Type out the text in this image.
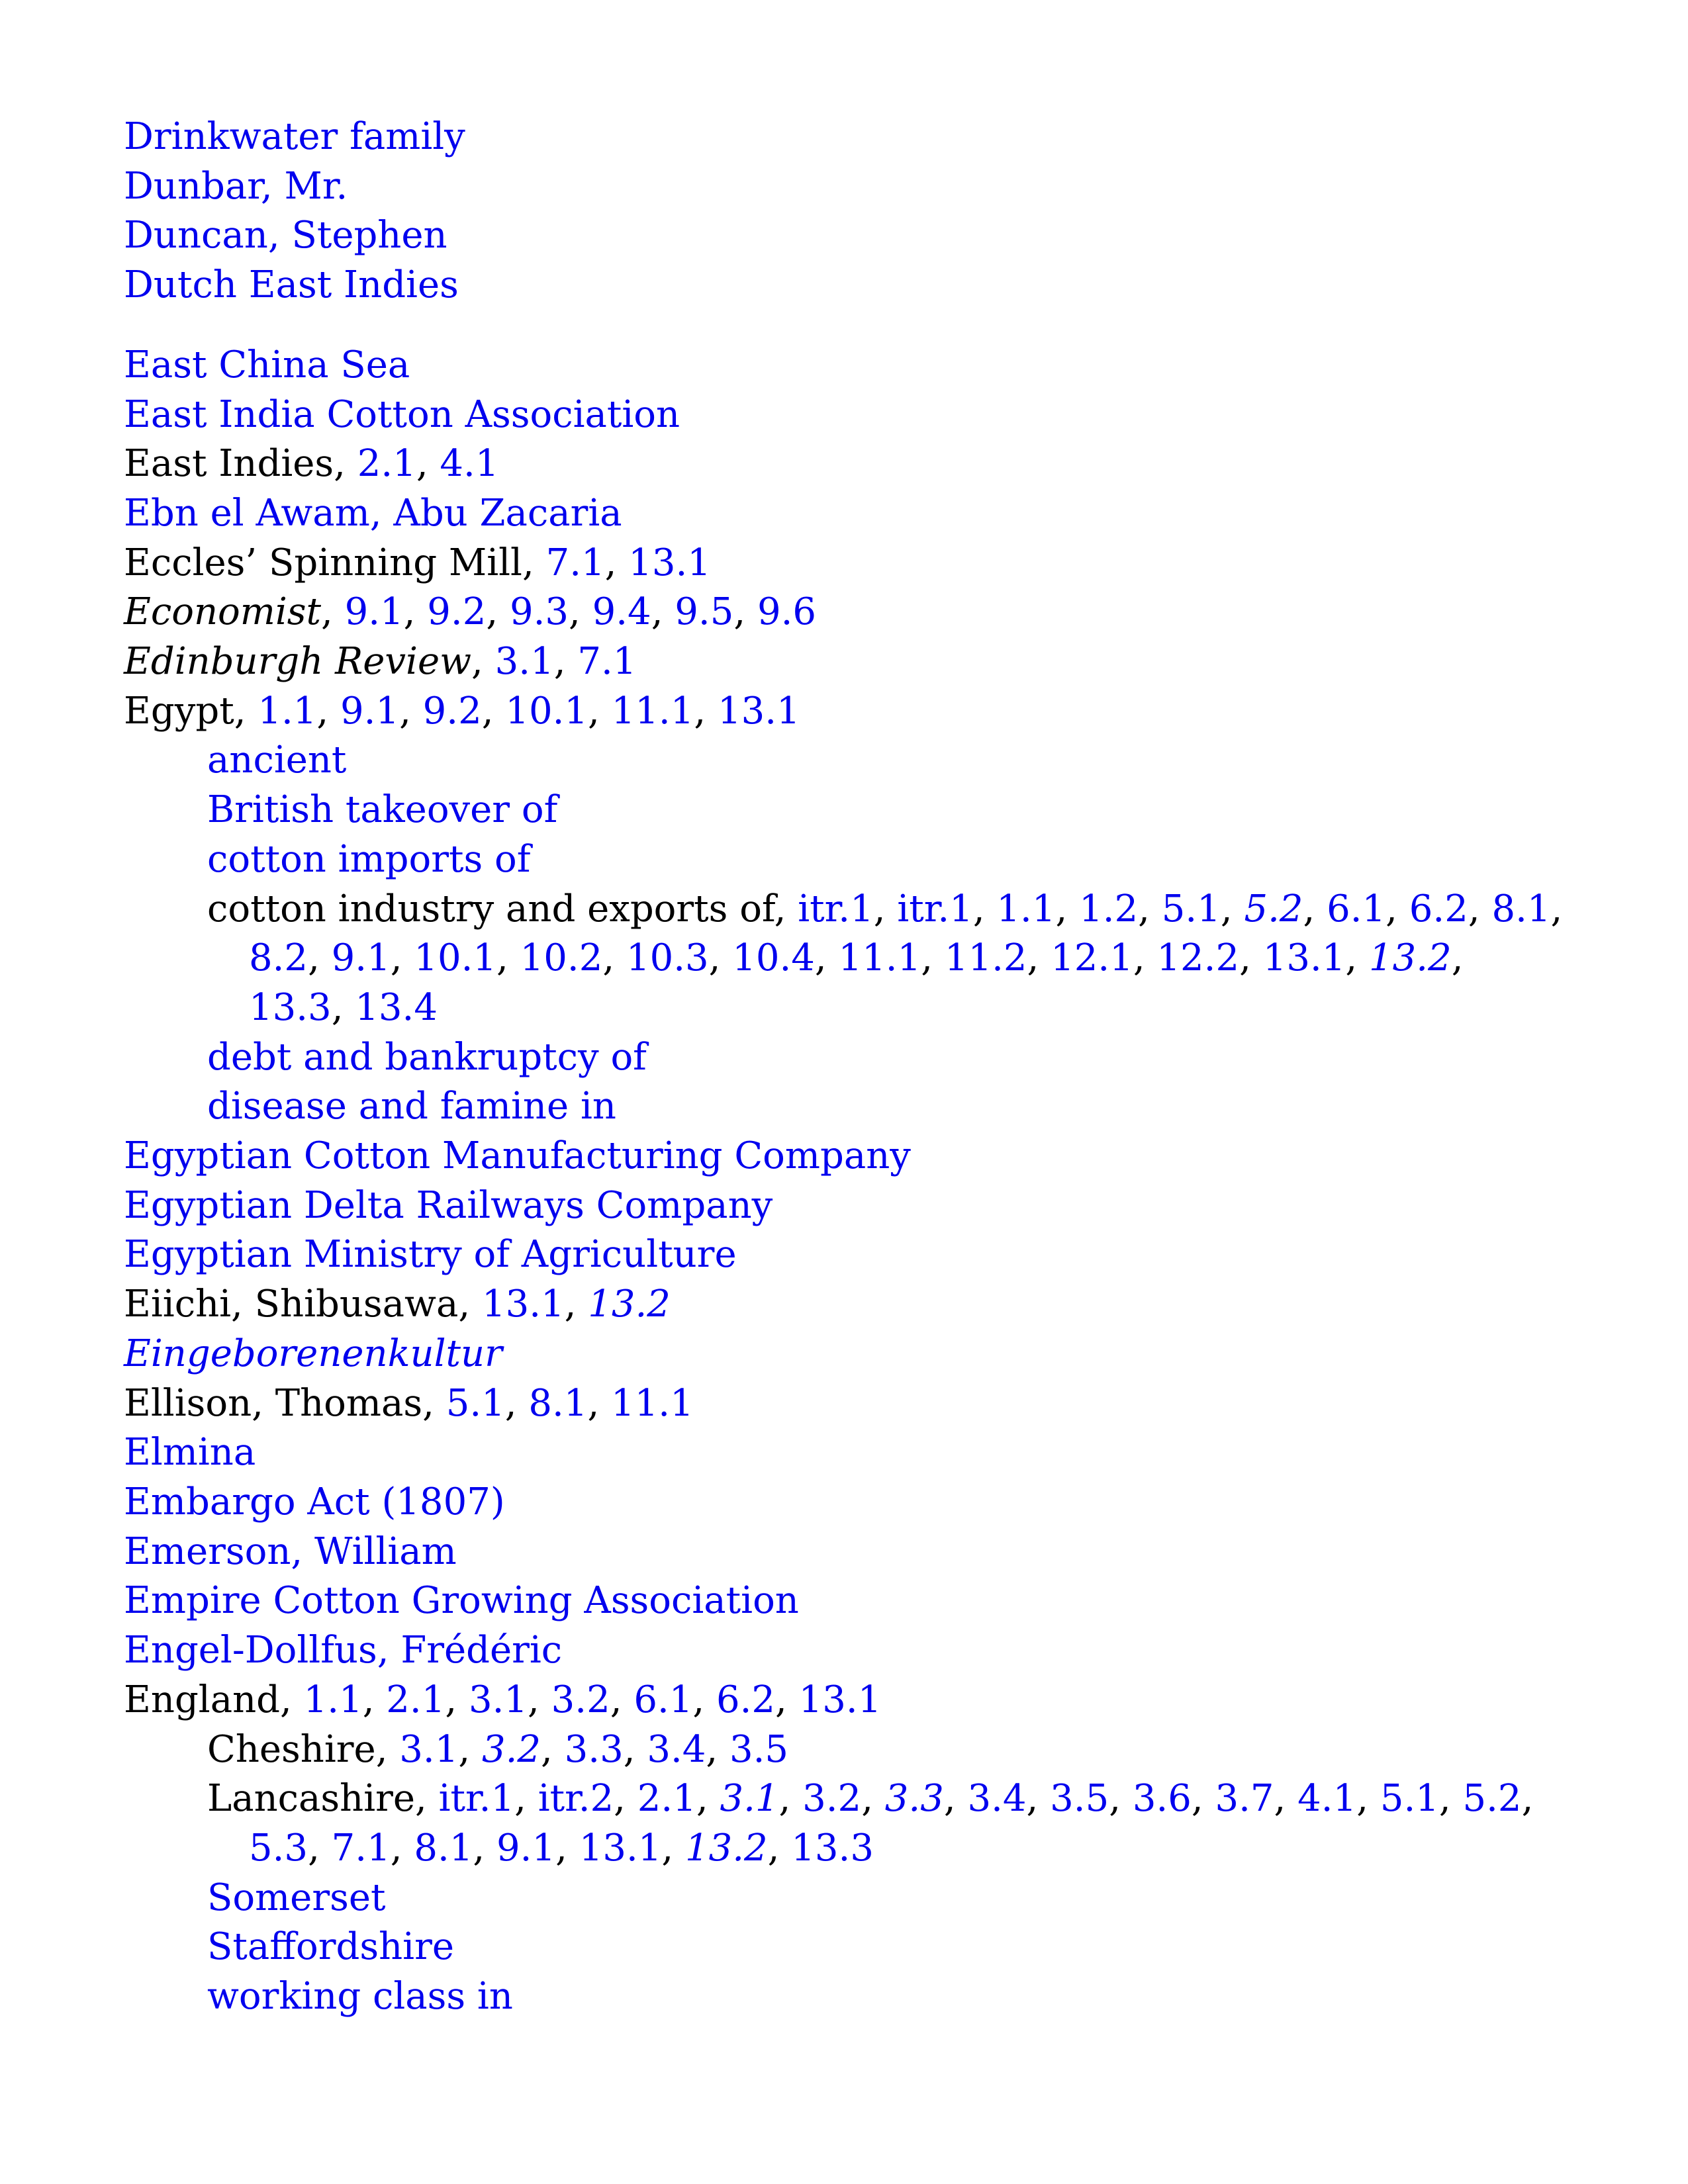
Drinkwater family
Dunbar, Mr.
Duncan, Stephen
Dutch East Indies
East China Sea
East India Cotton Association
East Indies, 2.1, 4.1
Ebn el Awam, Abu Zacaria
Eccles’ Spinning Mill, 7.1, 13.1
Economist, 9.1, 9.2, 9.3, 9.4, 9.5, 9.6
Edinburgh Review, 3.1, 7.1
Egypt, 1.1, 9.1, 9.2, 10.1, 11.1, 13.1
ancient
British takeover of
cotton imports of
cotton industry and exports of, itr.1, itr.1, 1.1, 1.2, 5.1, 5.2, 6.1, 6.2, 8.1, 8.2, 9.1, 10.1, 10.2, 10.3, 10.4, 11.1, 11.2, 12.1, 12.2, 13.1, 13.2, 13.3, 13.4
debt and bankruptcy of
disease and famine in
Egyptian Cotton Manufacturing Company
Egyptian Delta Railways Company
Egyptian Ministry of Agriculture
Eiichi, Shibusawa, 13.1, 13.2
Eingeborenenkultur
Ellison, Thomas, 5.1, 8.1, 11.1
Elmina
Embargo Act (1807)
Emerson, William
Empire Cotton Growing Association
Engel-Dollfus, Frédéric
England, 1.1, 2.1, 3.1, 3.2, 6.1, 6.2, 13.1
Cheshire, 3.1, 3.2, 3.3, 3.4, 3.5
Lancashire, itr.1, itr.2, 2.1, 3.1, 3.2, 3.3, 3.4, 3.5, 3.6, 3.7, 4.1, 5.1, 5.2, 5.3, 7.1, 8.1, 9.1, 13.1, 13.2, 13.3
Somerset
Staffordshire
working class in
